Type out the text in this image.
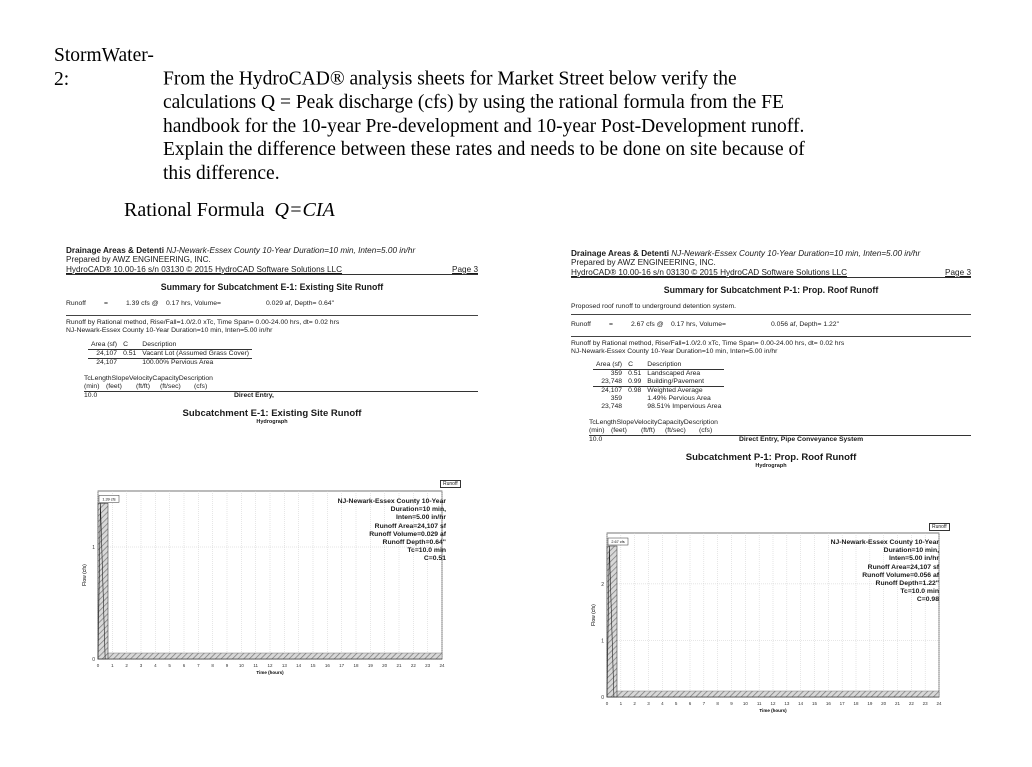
StormWater-2:	From the HydroCAD® analysis sheets for Market Street below verify the
calculations Q = Peak discharge (cfs) by using the rational formula from the FE
handbook for the 10-year Pre-development and 10-year Post-Development runoff.
Explain the difference between these rates and needs to be done on site because of
this difference.
Rational Formula Q=CIA
Drainage Areas & Detenti NJ-Newark-Essex County 10-Year Duration=10 min, Inten=5.00 in/hr
Prepared by AWZ ENGINEERING, INC.
HydroCAD® 10.00-16 s/n 03130 © 2015 HydroCAD Software Solutions LLC	Page 3
Summary for Subcatchment E-1: Existing Site Runoff
Runoff	=	1.39 cfs @	0.17 hrs, Volume=	0.029 af, Depth= 0.64"
Runoff by Rational method, Rise/Fall=1.0/2.0 xTc, Time Span= 0.00-24.00 hrs, dt= 0.02 hrs
NJ-Newark-Essex County 10-Year Duration=10 min, Inten=5.00 in/hr
Area (sf)	C	Description
24,107	0.51	Vacant Lot (Assumed Grass Cover)
24,107		100.00% Pervious Area
TcLengthSlopeVelocityCapacityDescription
(min) (feet) (ft/ft) (ft/sec) (cfs)
10.0	Direct Entry,
Subcatchment E-1: Existing Site Runoff
Hydrograph
Runoff
0	1	2	3	4	5	6	7	8	9 10 11 12 13 14 15 16 17 18 19 20 21 22 23 24
0
1
1.39 cfs
Time (hours)
Flow (cfs)
NJ-Newark-Essex County 10-Year
Duration=10 min,
Inten=5.00 in/hr
Runoff Area=24,107 sf
Runoff Volume=0.029 af
Runoff Depth=0.64"
Tc=10.0 min
C=0.51
Drainage Areas & Detenti NJ-Newark-Essex County 10-Year Duration=10 min, Inten=5.00 in/hr
Prepared by AWZ ENGINEERING, INC.
HydroCAD® 10.00-16 s/n 03130 © 2015 HydroCAD Software Solutions LLC	Page 3
Summary for Subcatchment P-1: Prop. Roof Runoff
Proposed roof runoff to underground detention system.
Runoff	=	2.67 cfs @	0.17 hrs, Volume=	0.056 af, Depth= 1.22"
Runoff by Rational method, Rise/Fall=1.0/2.0 xTc, Time Span= 0.00-24.00 hrs, dt= 0.02 hrs
NJ-Newark-Essex County 10-Year Duration=10 min, Inten=5.00 in/hr
Area (sf)	C	Description
359	0.51	Landscaped Area
23,748	0.99	Building/Pavement
24,107	0.98	Weighted Average
359		1.49% Pervious Area
23,748		98.51% Impervious Area
TcLengthSlopeVelocityCapacityDescription
(min) (feet) (ft/ft) (ft/sec) (cfs)
10.0	Direct Entry, Pipe Conveyance System
Subcatchment P-1: Prop. Roof Runoff
Hydrograph
Runoff
0	1	2	3	4	5	6	7	8	9 10 11 12 13 14 15 16 17 18 19 20 21 22 23 24
0
1
2
2.67 cfs
Time (hours)
Flow (cfs)
NJ-Newark-Essex County 10-Year
Duration=10 min,
Inten=5.00 in/hr
Runoff Area=24,107 sf
Runoff Volume=0.056 af
Runoff Depth=1.22"
Tc=10.0 min
C=0.98
